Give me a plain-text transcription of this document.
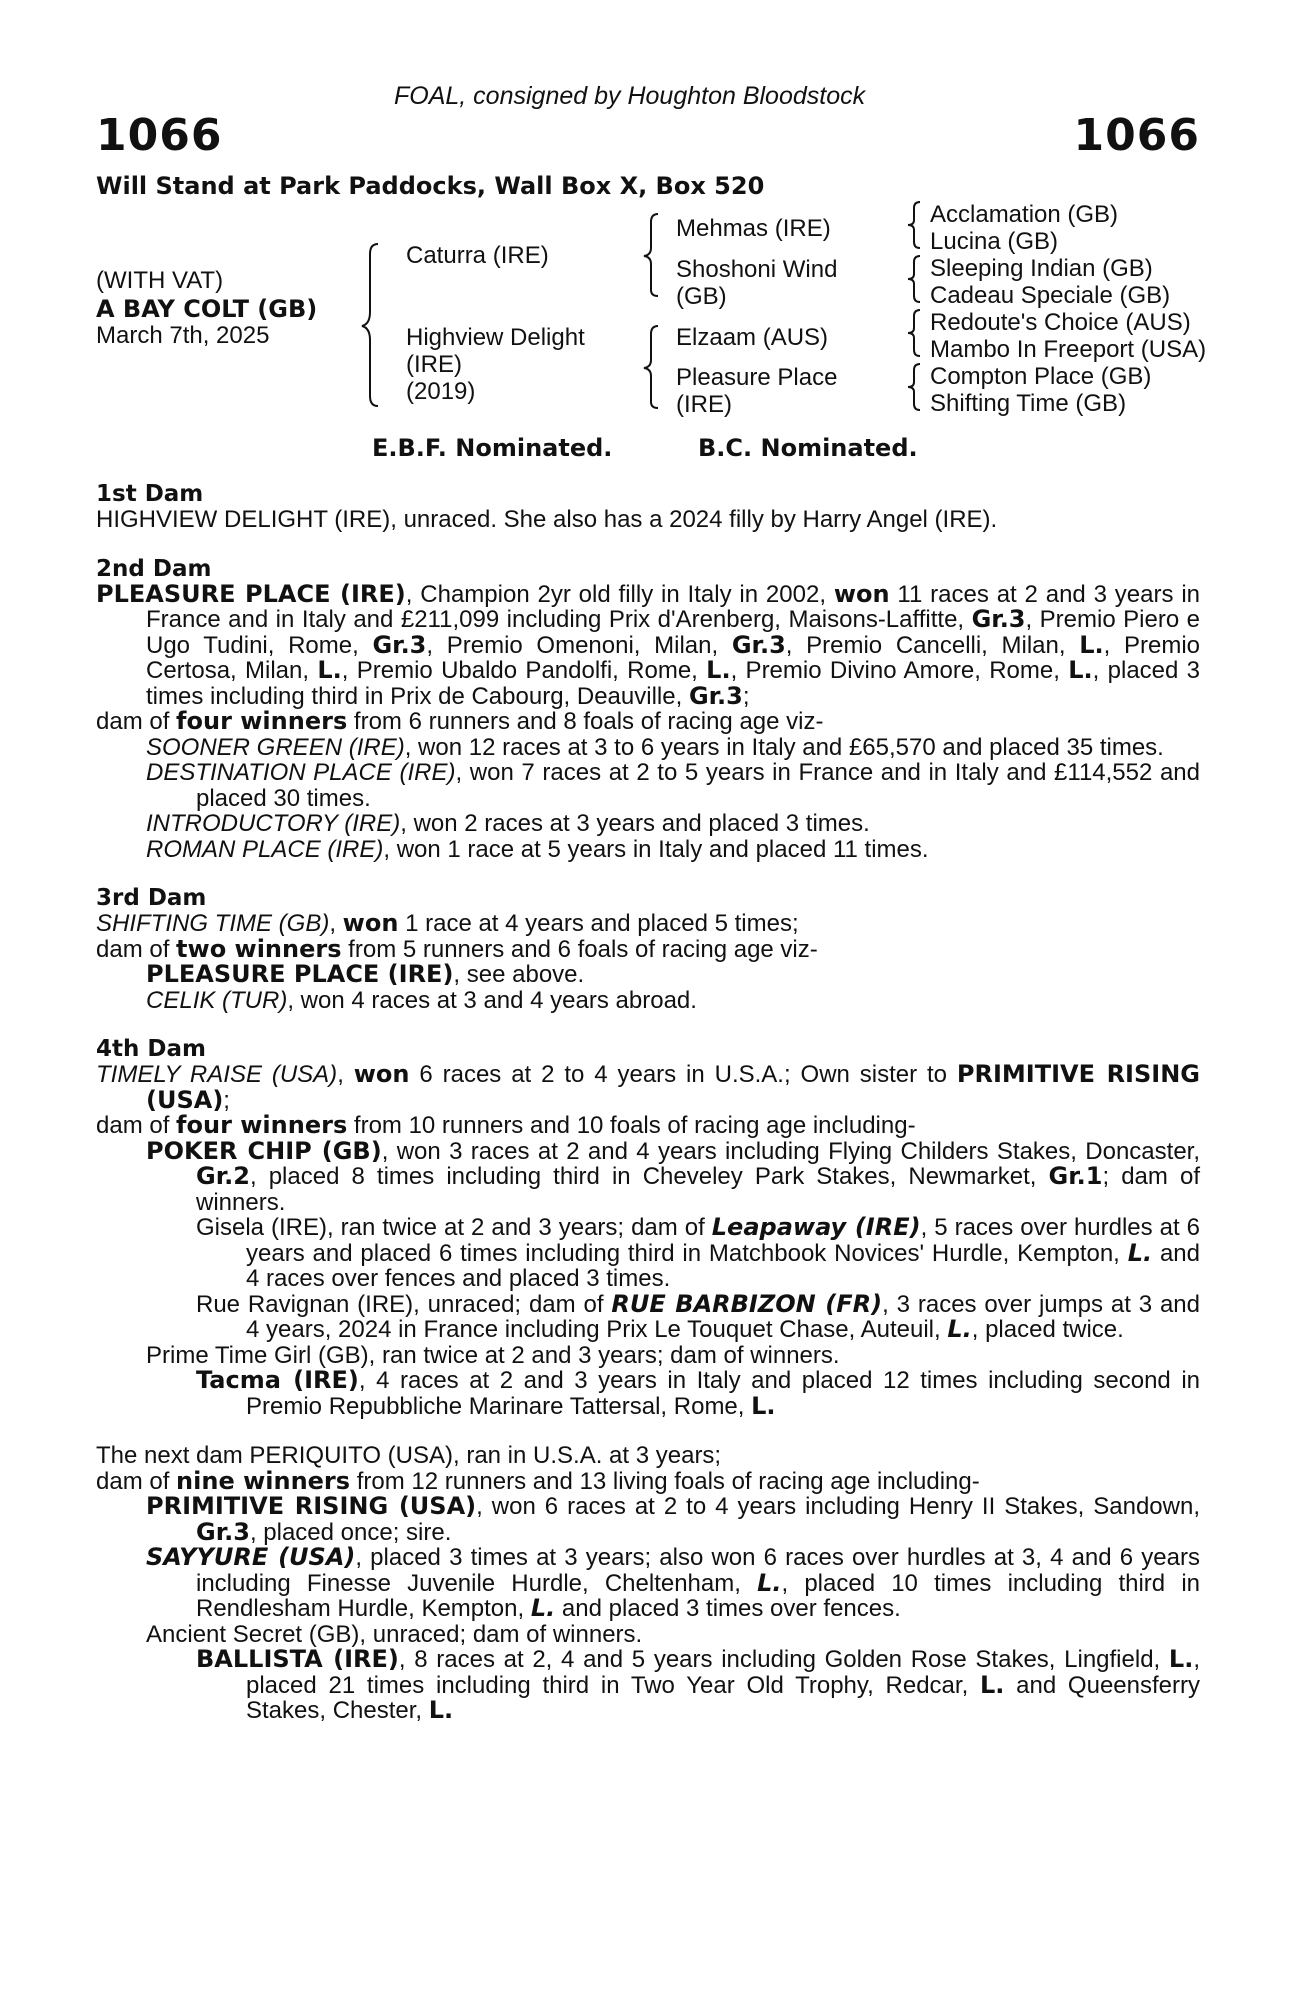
FOAL, consigned by Houghton Bloodstock
1066	1066
Will Stand at Park Paddocks, Wall Box X, Box 520
(WITH VAT)
A BAY COLT (GB)
March 7th, 2025
Caturra (IRE)
Highview Delight
(IRE)
(2019)
Mehmas (IRE)
Shoshoni Wind
(GB)
Elzaam (AUS)
Pleasure Place
(IRE)
Acclamation (GB)
Lucina (GB)
Sleeping Indian (GB)
Cadeau Speciale (GB)
Redoute's Choice (AUS)
Mambo In Freeport (USA)
Compton Place (GB)
Shifting Time (GB)
E.B.F. Nominated.	B.C. Nominated.
1st Dam
HIGHVIEW DELIGHT (IRE), unraced. She also has a 2024 filly by Harry Angel (IRE).
2nd Dam
PLEASURE PLACE (IRE), Champion 2yr old filly in Italy in 2002, won 11 races at 2 and 3 years in France and in Italy and £211,099 including Prix d'Arenberg, Maisons-Laffitte, Gr.3, Premio Piero e Ugo Tudini, Rome, Gr.3, Premio Omenoni, Milan, Gr.3, Premio Cancelli, Milan, L., Premio Certosa, Milan, L., Premio Ubaldo Pandolfi, Rome, L., Premio Divino Amore, Rome, L., placed 3 times including third in Prix de Cabourg, Deauville, Gr.3;
dam of four winners from 6 runners and 8 foals of racing age viz-
SOONER GREEN (IRE), won 12 races at 3 to 6 years in Italy and £65,570 and placed 35 times.
DESTINATION PLACE (IRE), won 7 races at 2 to 5 years in France and in Italy and £114,552 and placed 30 times.
INTRODUCTORY (IRE), won 2 races at 3 years and placed 3 times.
ROMAN PLACE (IRE), won 1 race at 5 years in Italy and placed 11 times.
3rd Dam
SHIFTING TIME (GB), won 1 race at 4 years and placed 5 times;
dam of two winners from 5 runners and 6 foals of racing age viz-
PLEASURE PLACE (IRE), see above.
CELIK (TUR), won 4 races at 3 and 4 years abroad.
4th Dam
TIMELY RAISE (USA), won 6 races at 2 to 4 years in U.S.A.; Own sister to PRIMITIVE RISING (USA);
dam of four winners from 10 runners and 10 foals of racing age including-
POKER CHIP (GB), won 3 races at 2 and 4 years including Flying Childers Stakes, Doncaster, Gr.2, placed 8 times including third in Cheveley Park Stakes, Newmarket, Gr.1; dam of winners.
Gisela (IRE), ran twice at 2 and 3 years; dam of Leapaway (IRE), 5 races over hurdles at 6 years and placed 6 times including third in Matchbook Novices' Hurdle, Kempton, L. and 4 races over fences and placed 3 times.
Rue Ravignan (IRE), unraced; dam of RUE BARBIZON (FR), 3 races over jumps at 3 and 4 years, 2024 in France including Prix Le Touquet Chase, Auteuil, L., placed twice.
Prime Time Girl (GB), ran twice at 2 and 3 years; dam of winners.
Tacma (IRE), 4 races at 2 and 3 years in Italy and placed 12 times including second in Premio Repubbliche Marinare Tattersal, Rome, L.
The next dam PERIQUITO (USA), ran in U.S.A. at 3 years;
dam of nine winners from 12 runners and 13 living foals of racing age including-
PRIMITIVE RISING (USA), won 6 races at 2 to 4 years including Henry II Stakes, Sandown, Gr.3, placed once; sire.
SAYYURE (USA), placed 3 times at 3 years; also won 6 races over hurdles at 3, 4 and 6 years including Finesse Juvenile Hurdle, Cheltenham, L., placed 10 times including third in Rendlesham Hurdle, Kempton, L. and placed 3 times over fences.
Ancient Secret (GB), unraced; dam of winners.
BALLISTA (IRE), 8 races at 2, 4 and 5 years including Golden Rose Stakes, Lingfield, L., placed 21 times including third in Two Year Old Trophy, Redcar, L. and Queensferry Stakes, Chester, L.
